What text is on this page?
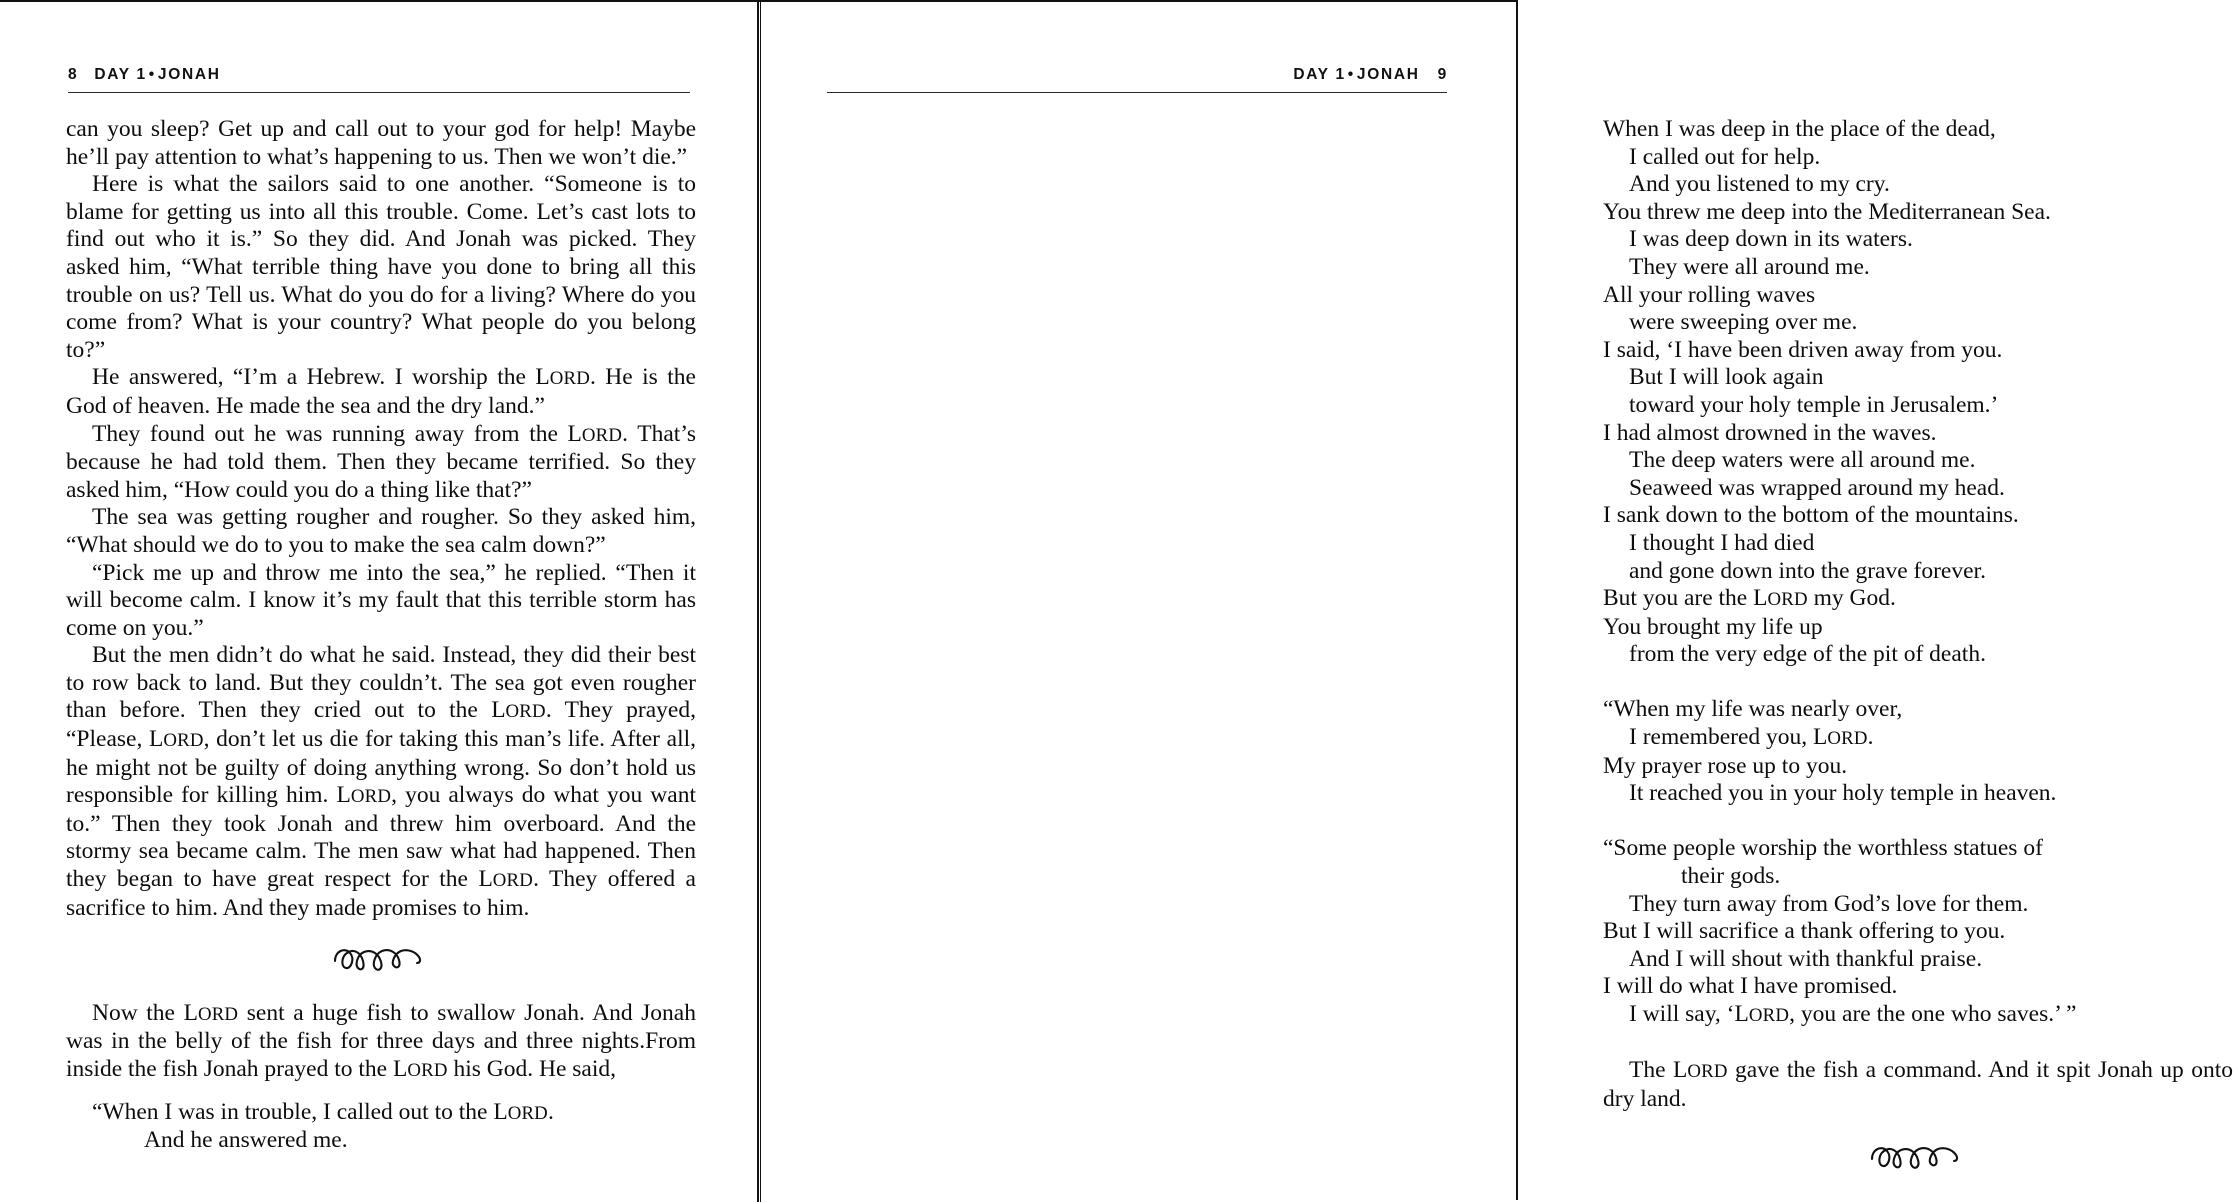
8 DAY 1 • JONAH

can you sleep? Get up and call out to your god for help! Maybe he’ll pay attention to what’s happening to us. Then we won’t die.”

Here is what the sailors said to one another. “Someone is to blame for getting us into all this trouble. Come. Let’s cast lots to find out who it is.” So they did. And Jonah was picked. They asked him, “What terrible thing have you done to bring all this trouble on us? Tell us. What do you do for a living? Where do you come from? What is your country? What people do you belong to?”

He answered, “I’m a Hebrew. I worship the LORD. He is the God of heaven. He made the sea and the dry land.”

They found out he was running away from the LORD. That’s because he had told them. Then they became terrified. So they asked him, “How could you do a thing like that?”

The sea was getting rougher and rougher. So they asked him, “What should we do to you to make the sea calm down?”

“Pick me up and throw me into the sea,” he replied. “Then it will become calm. I know it’s my fault that this terrible storm has come on you.”

But the men didn’t do what he said. Instead, they did their best to row back to land. But they couldn’t. The sea got even rougher than before. Then they cried out to the LORD. They prayed, “Please, LORD, don’t let us die for taking this man’s life. After all, he might not be guilty of doing anything wrong. So don’t hold us responsible for killing him. LORD, you always do what you want to.” Then they took Jonah and threw him overboard. And the stormy sea became calm. The men saw what had happened. Then they began to have great respect for the LORD. They offered a sacrifice to him. And they made promises to him.

Now the LORD sent a huge fish to swallow Jonah. And Jonah was in the belly of the fish for three days and three nights.From inside the fish Jonah prayed to the LORD his God. He said,

“When I was in trouble, I called out to the LORD.
And he answered me.

DAY 1 • JONAH 9

When I was deep in the place of the dead,
I called out for help.
And you listened to my cry.
You threw me deep into the Mediterranean Sea.
I was deep down in its waters.
They were all around me.
All your rolling waves
were sweeping over me.
I said, ‘I have been driven away from you.
But I will look again
toward your holy temple in Jerusalem.’
I had almost drowned in the waves.
The deep waters were all around me.
Seaweed was wrapped around my head.
I sank down to the bottom of the mountains.
I thought I had died
and gone down into the grave forever.
But you are the LORD my God.
You brought my life up
from the very edge of the pit of death.

“When my life was nearly over,
I remembered you, LORD.
My prayer rose up to you.
It reached you in your holy temple in heaven.

“Some people worship the worthless statues of
their gods.
They turn away from God’s love for them.
But I will sacrifice a thank offering to you.
And I will shout with thankful praise.
I will do what I have promised.
I will say, ‘LORD, you are the one who saves.’ ”

The LORD gave the fish a command. And it spit Jonah up onto dry land.
